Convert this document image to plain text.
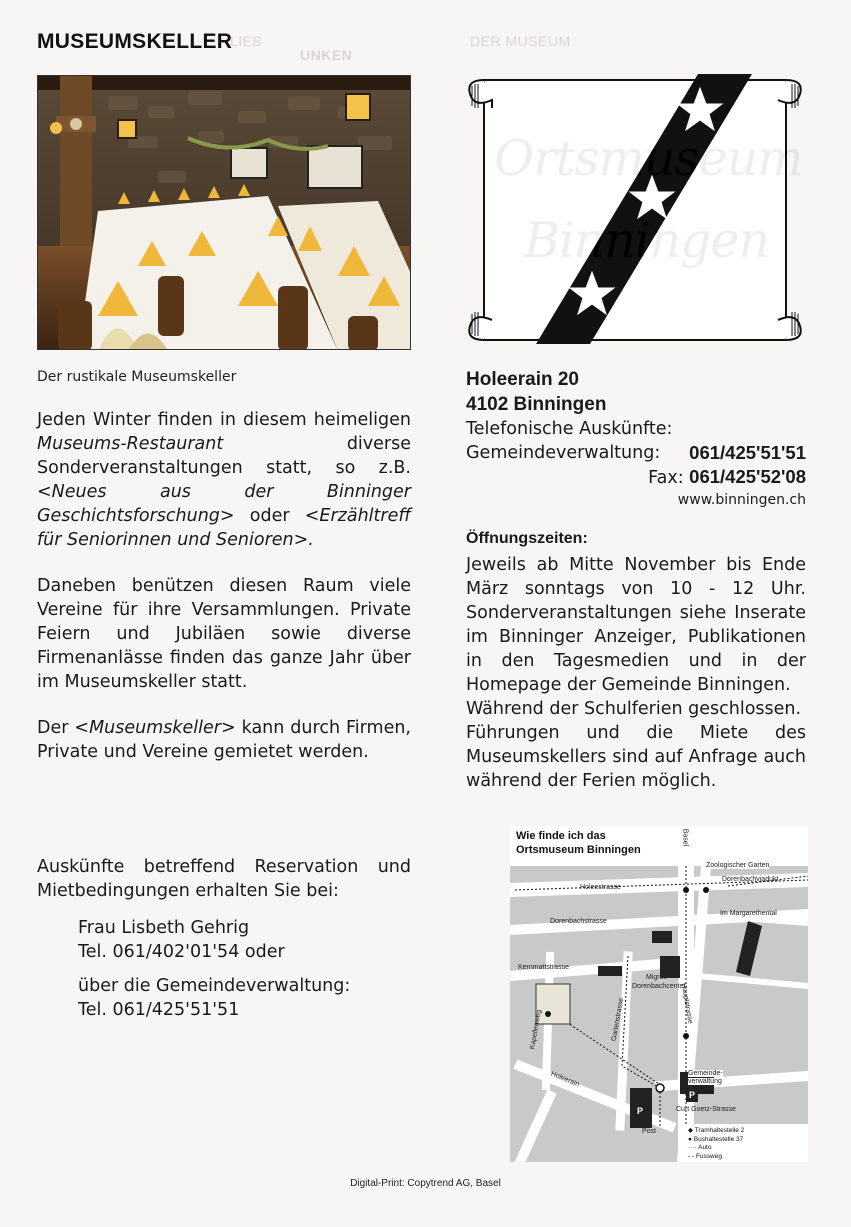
LIEB
UNKEN
DER MUSEUM
MUSEUMSKELLER
Der rustikale Museumskeller

Jeden Winter finden in diesem heimeligen Museums-Restaurant	diverse Sonderveranstaltungen statt, so z.B. <Neues aus der Binninger Geschichtsforschung> oder <Erzähltreff für Seniorinnen und Senioren>.

Daneben benützen diesen Raum viele Vereine für ihre Versammlungen. Private Feiern und Jubiläen sowie diverse Firmenanlässe finden das ganze Jahr über im Museumskeller statt.

Der <Museumskeller> kann durch Firmen, Private und Vereine gemietet werden.

Auskünfte betreffend Reservation und Mietbedingungen erhalten Sie bei:
Frau Lisbeth Gehrig
Tel. 061/402'01'54 oder
über die Gemeindeverwaltung:
Tel. 061/425'51'51
Ortsmuseum
Binningen
Holeerain 20
4102 Binningen
Telefonische Auskünfte:
Gemeindeverwaltung: 061/425'51'51
Fax: 061/425'52'08
www.binningen.ch
Öffnungszeiten:
Jeweils ab Mitte November bis Ende März sonntags von 10 - 12 Uhr. Sonderveranstaltungen siehe Inserate im Binninger Anzeiger, Publikationen in den Tagesmedien und in der Homepage der Gemeinde Binningen.
Während der Schulferien geschlossen.
Führungen und die Miete des Museumskellers sind auf Anfrage auch während der Ferien möglich.
Basel
Zoologischer Garten
Holeestrasse
Dorenbachviadukt
Dorenbachstrasse
Im Margarethental
Kernmattstrasse
Migros
Dorenbachcenter
Kapellenweg	Gartenstrasse	Hauptstrasse
Holeerain	Gemeinde-
verwaltung
Curt Goetz-Strasse
Post
P
P
◆ Tramhaltestelle 2
● Bushaltestelle 37
···· Auto
- - Fussweg
Wie finde ich das
Ortsmuseum Binningen
Digital-Print: Copytrend AG, Basel
